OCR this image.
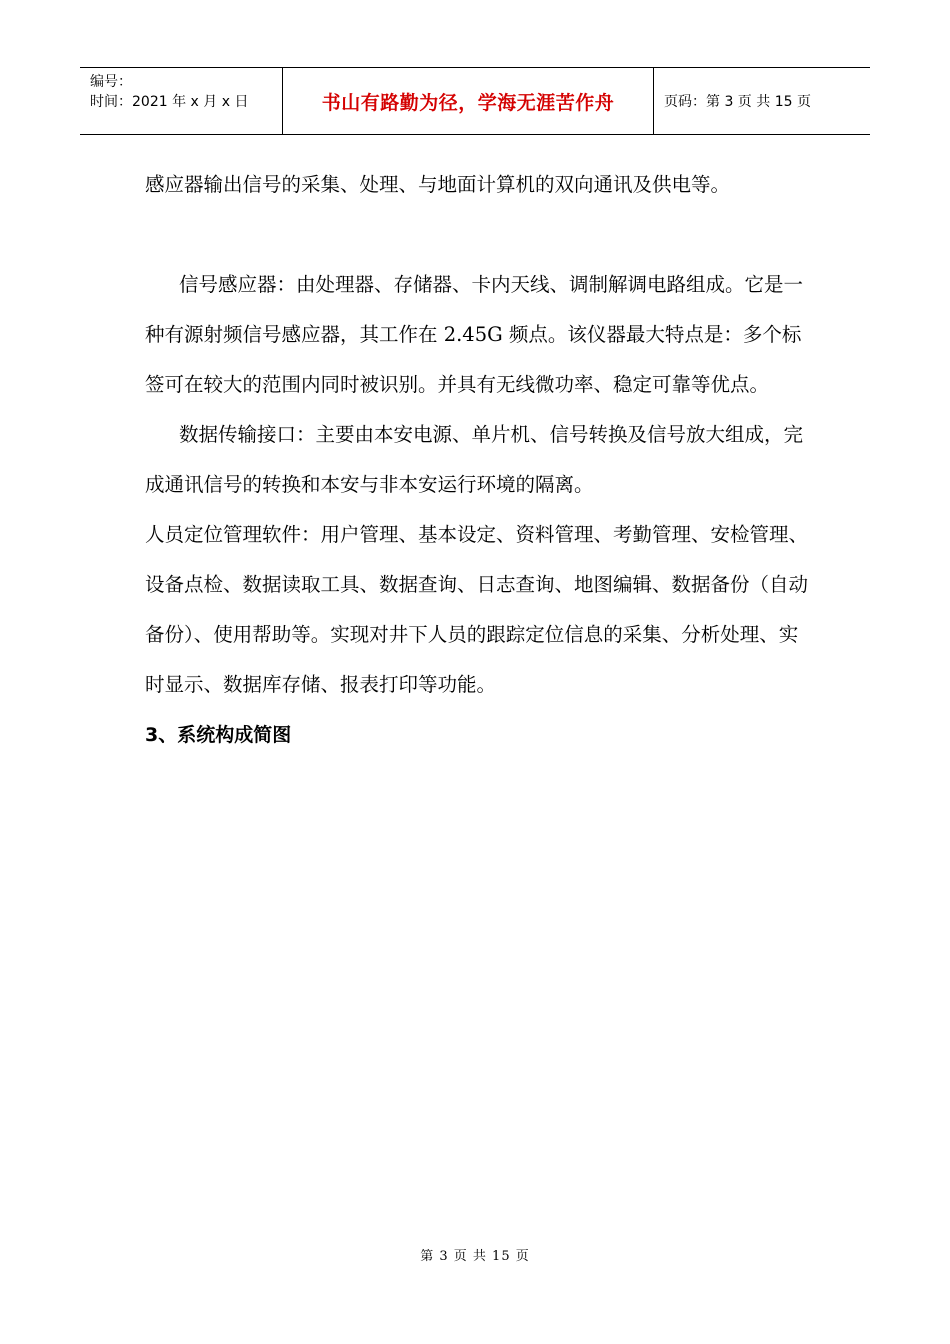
编号：
时间：2021 年 x 月 x 日	书山有路勤为径，学海无涯苦作舟	页码：第 3 页 共 15 页

感应器输出信号的采集、处理、与地面计算机的双向通讯及供电等。

信号感应器：由处理器、存储器、卡内天线、调制解调电路组成。它是一种有源射频信号感应器，其工作在 2.45G 频点。该仪器最大特点是：多个标签可在较大的范围内同时被识别。并具有无线微功率、稳定可靠等优点。

数据传输接口：主要由本安电源、单片机、信号转换及信号放大组成，完成通讯信号的转换和本安与非本安运行环境的隔离。

人员定位管理软件：用户管理、基本设定、资料管理、考勤管理、安检管理、设备点检、数据读取工具、数据查询、日志查询、地图编辑、数据备份（自动备份）、使用帮助等。实现对井下人员的跟踪定位信息的采集、分析处理、实时显示、数据库存储、报表打印等功能。

3、系统构成简图

第 3 页 共 15 页
